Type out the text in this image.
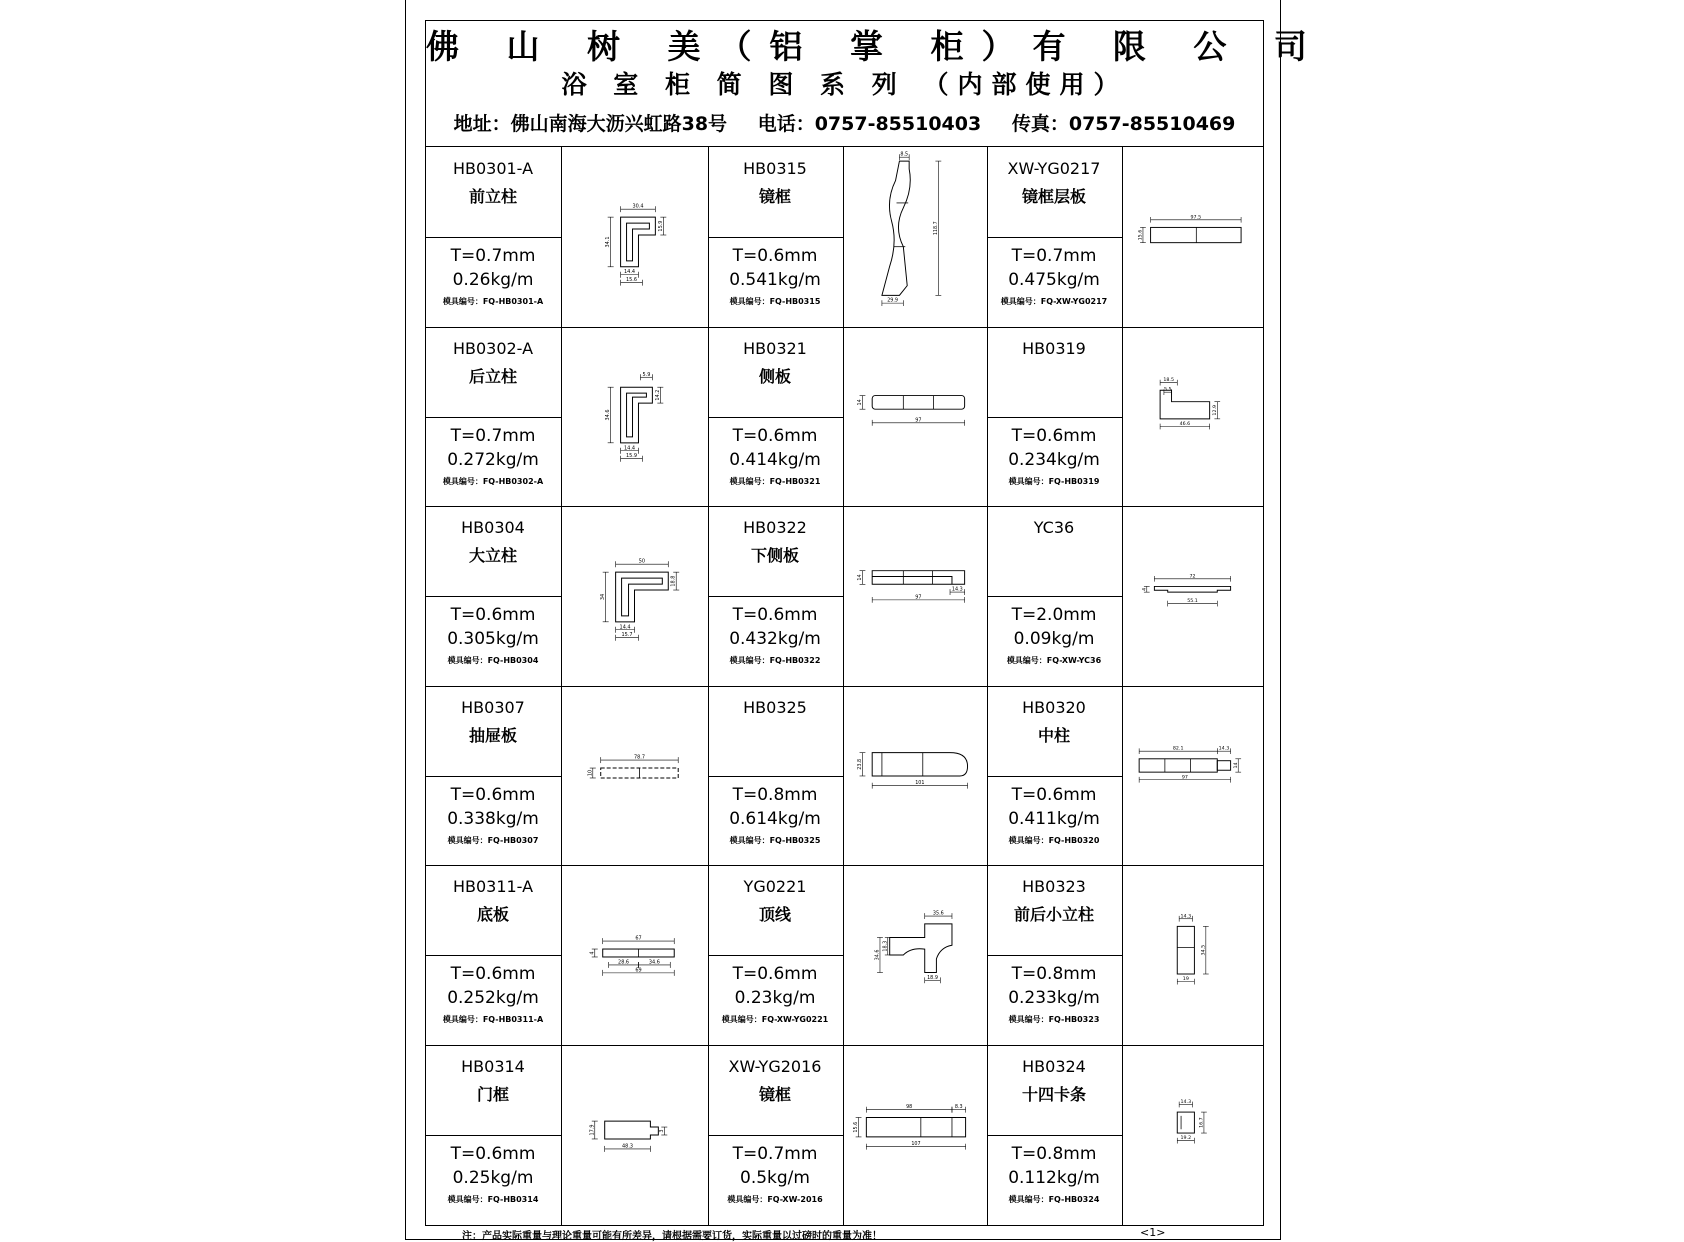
佛 山 树 美（铝 掌 柜）有 限 公 司
浴 室 柜 简 图 系 列 （内部使用）
地址：佛山南海大沥兴虹路38号 电话：0757-85510403 传真：0757-85510469
HB0301-A
前立柱
T=0.7mm
0.26kg/m
模具编号：FQ-HB0301-A
30.4
15.9
34.1
14.4
15.6
HB0315
镜框
T=0.6mm
0.541kg/m
模具编号：FQ-HB0315
8.5
118.7
29.9
XW-YG0217
镜框层板
T=0.7mm
0.475kg/m
模具编号：FQ-XW-YG0217
97.5
15.6
HB0302-A
后立柱
T=0.7mm
0.272kg/m
模具编号：FQ-HB0302-A
5.9
14.2
34.6
14.4
15.9
HB0321
侧板
T=0.6mm
0.414kg/m
模具编号：FQ-HB0321
14
97
HB0319
T=0.6mm
0.234kg/m
模具编号：FQ-HB0319
18.5
5.5
12.9
46.6
HB0304
大立柱
T=0.6mm
0.305kg/m
模具编号：FQ-HB0304
50
18.8
34
14.4
15.7
HB0322
下侧板
T=0.6mm
0.432kg/m
模具编号：FQ-HB0322
14
14.3
97
YC36
T=2.0mm
0.09kg/m
模具编号：FQ-XW-YC36
72
4
55.1
HB0307
抽屉板
T=0.6mm
0.338kg/m
模具编号：FQ-HB0307
78.7
10
HB0325
T=0.8mm
0.614kg/m
模具编号：FQ-HB0325
23.8
101
HB0320
中柱
T=0.6mm
0.411kg/m
模具编号：FQ-HB0320
82.1	14.3
14
97
HB0311-A
底板
T=0.6mm
0.252kg/m
模具编号：FQ-HB0311-A
67
4
28.6	34.6
69
YG0221
顶线
T=0.6mm
0.23kg/m
模具编号：FQ-XW-YG0221
35.6
34.6
18.3
18.9
HB0323
前后小立柱
T=0.8mm
0.233kg/m
模具编号：FQ-HB0323
14.3
34.5
19
HB0314
门框
T=0.6mm
0.25kg/m
模具编号：FQ-HB0314
17.9	3
48.3
XW-YG2016
镜框
T=0.7mm
0.5kg/m
模具编号：FQ-XW-2016
98	8.3
15.6
107
HB0324
十四卡条
T=0.8mm
0.112kg/m
模具编号：FQ-HB0324
14.3
16.7
19.2
注：产品实际重量与理论重量可能有所差异，请根据需要订货，实际重量以过磅时的重量为准！	<1>
